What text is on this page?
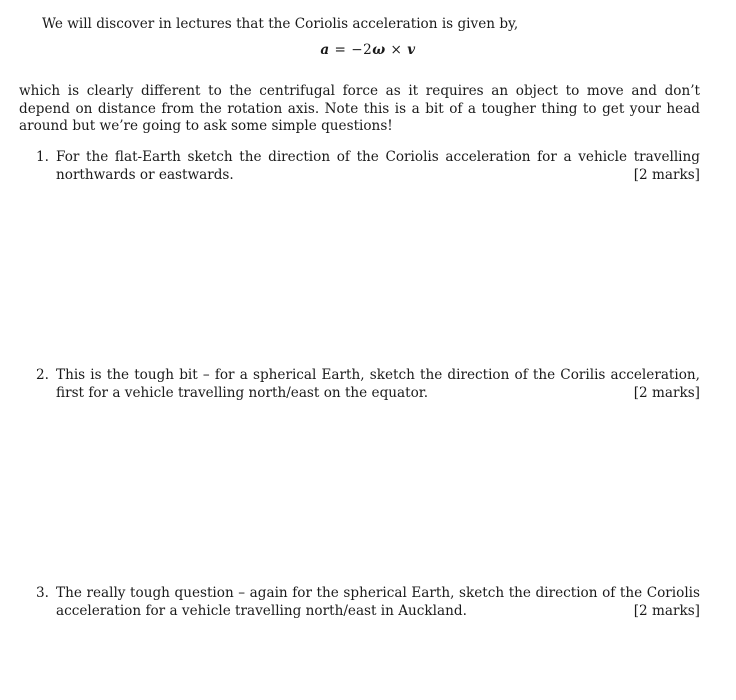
We will discover in lectures that the Coriolis acceleration is given by,

a = −2ω × v

which is clearly different to the centrifugal force as it requires an object to move and don’t depend on distance from the rotation axis. Note this is a bit of a tougher thing to get your head around but we’re going to ask some simple questions!

1. For the flat-Earth sketch the direction of the Coriolis acceleration for a vehicle travelling northwards or eastwards.	[2 marks]
2. This is the tough bit – for a spherical Earth, sketch the direction of the Corilis acceleration, first for a vehicle travelling north/east on the equator.	[2 marks]
3. The really tough question – again for the spherical Earth, sketch the direction of the Coriolis acceleration for a vehicle travelling north/east in Auckland.	[2 marks]
